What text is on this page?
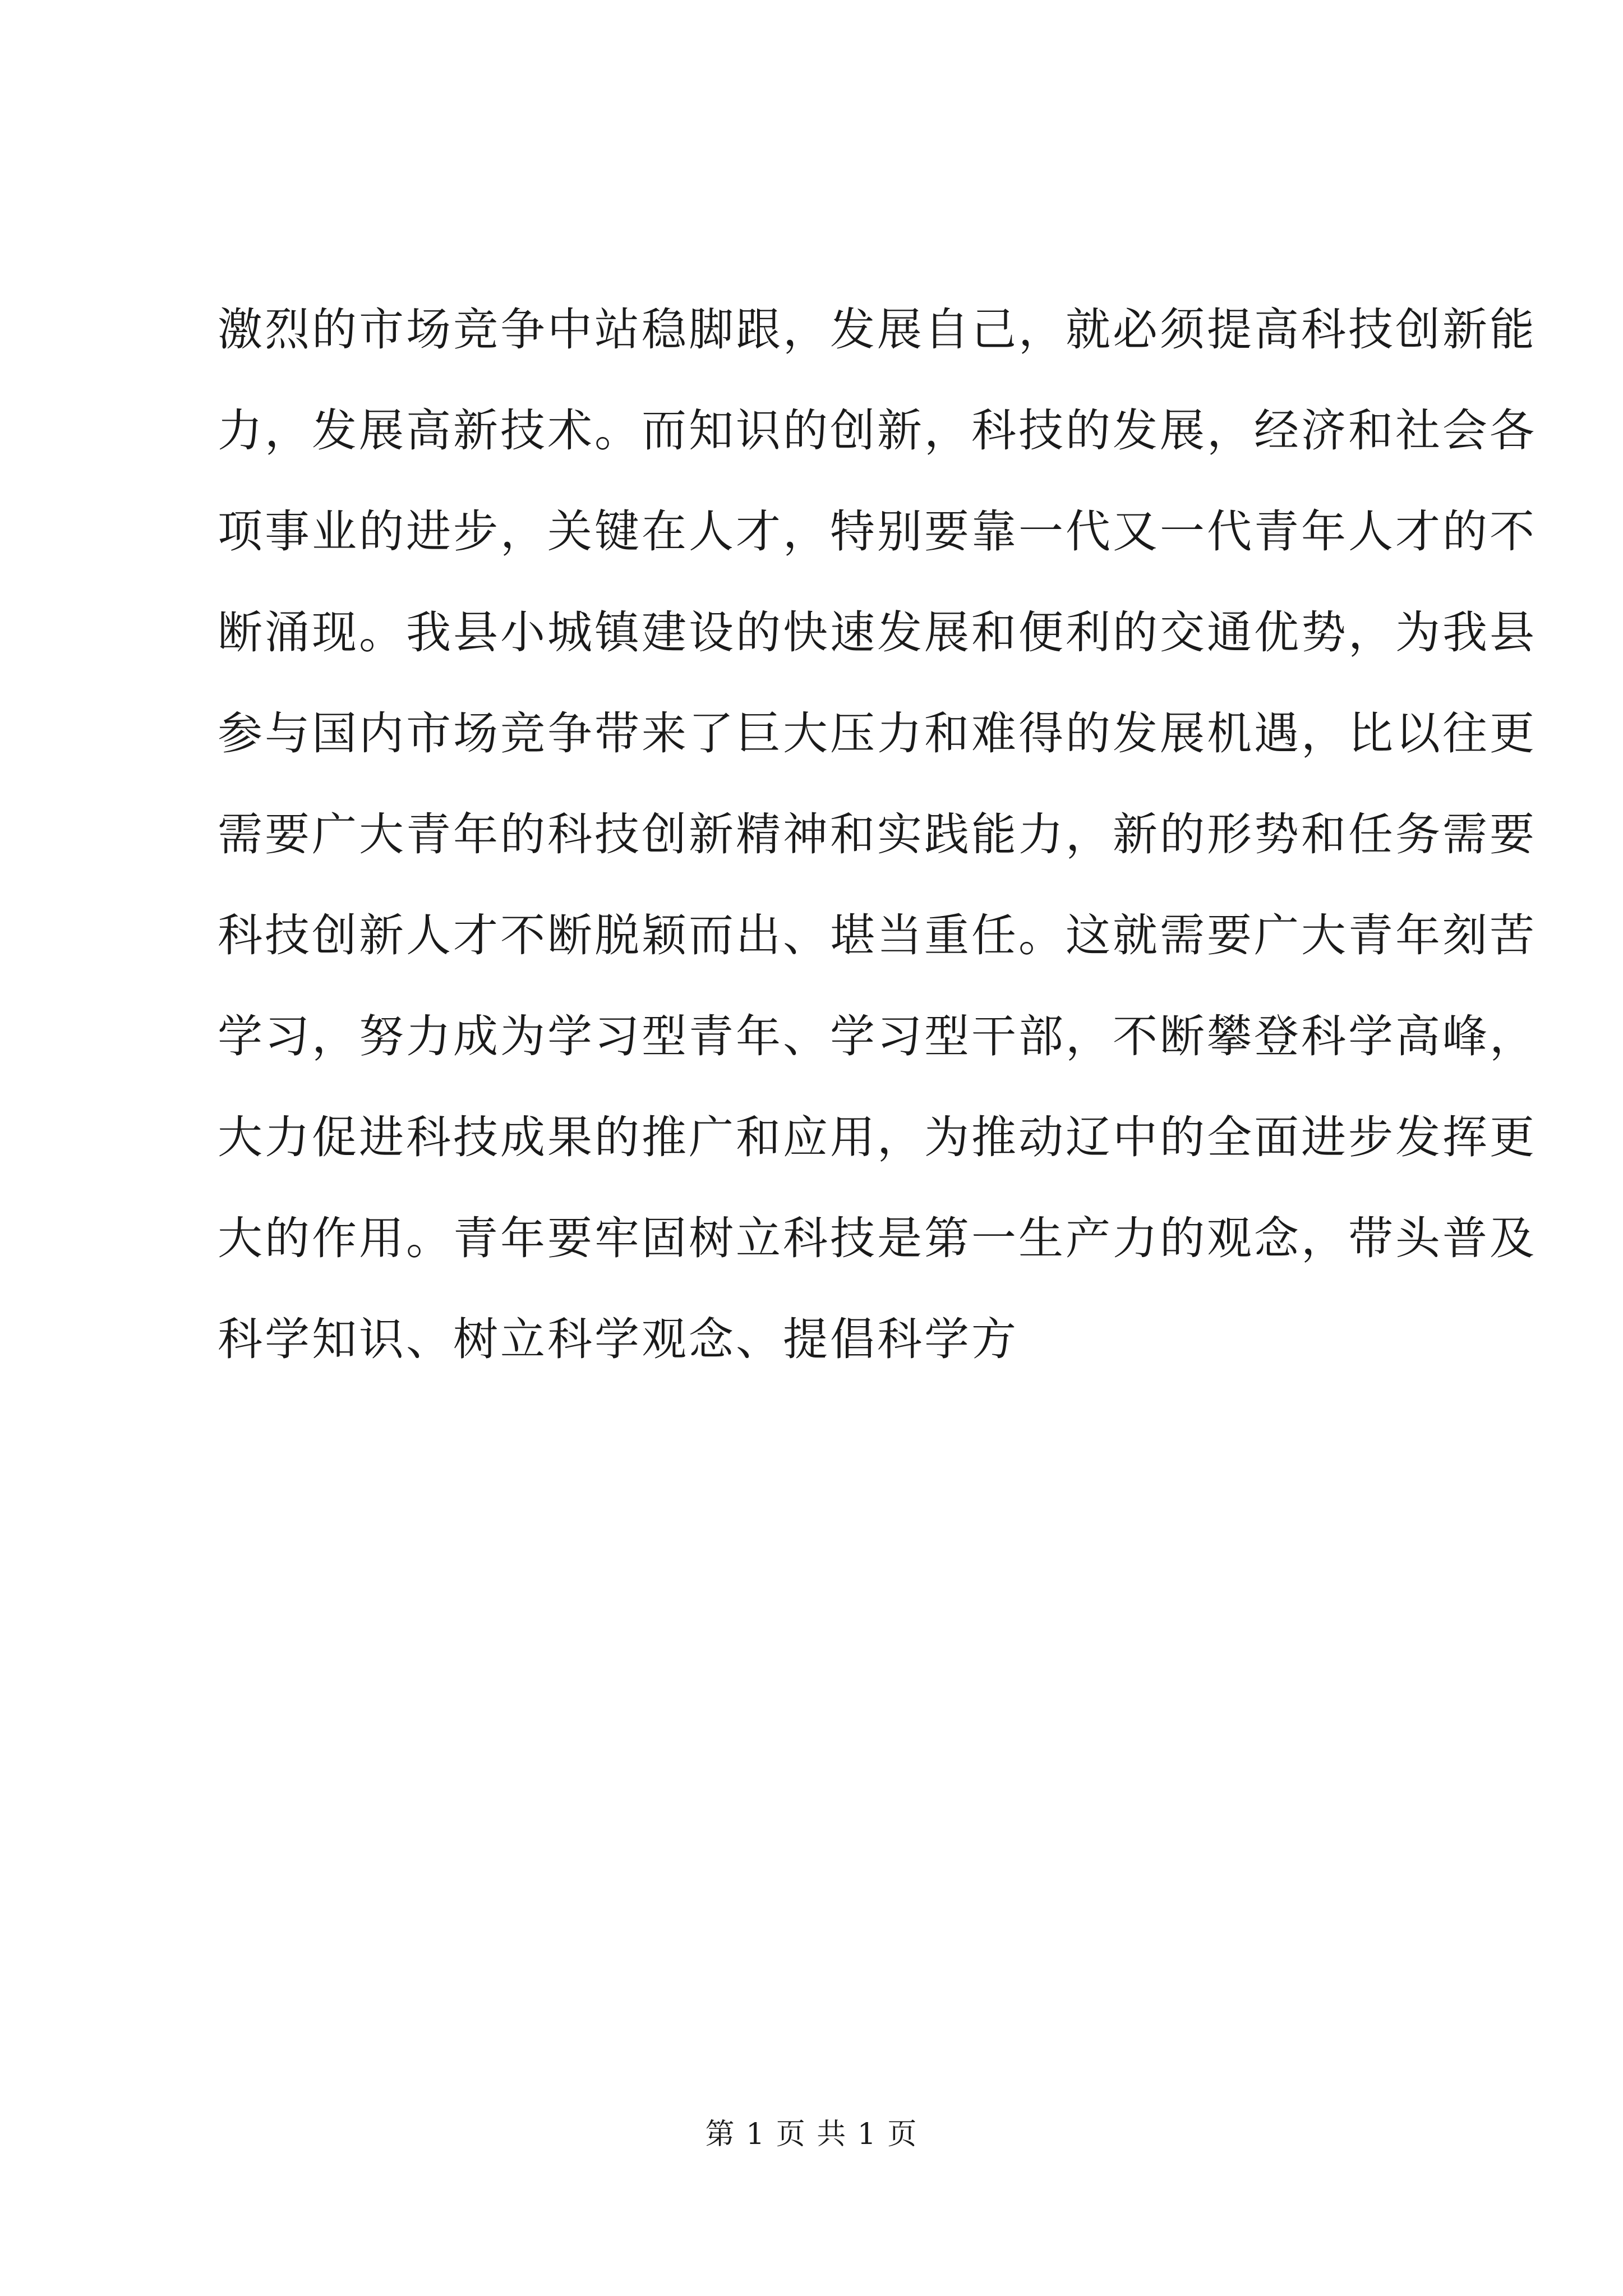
激烈的市场竞争中站稳脚跟，发展自己，就必须提高科技创新能
力，发展高新技术。而知识的创新，科技的发展，经济和社会各
项事业的进步，关键在人才，特别要靠一代又一代青年人才的不
断涌现。我县小城镇建设的快速发展和便利的交通优势，为我县
参与国内市场竞争带来了巨大压力和难得的发展机遇，比以往更
需要广大青年的科技创新精神和实践能力，新的形势和任务需要
科技创新人才不断脱颖而出、堪当重任。这就需要广大青年刻苦
学习，努力成为学习型青年、学习型干部，不断攀登科学高峰，
大力促进科技成果的推广和应用，为推动辽中的全面进步发挥更
大的作用。青年要牢固树立科技是第一生产力的观念，带头普及
科学知识、树立科学观念、提倡科学方
第 1 页 共 1 页
